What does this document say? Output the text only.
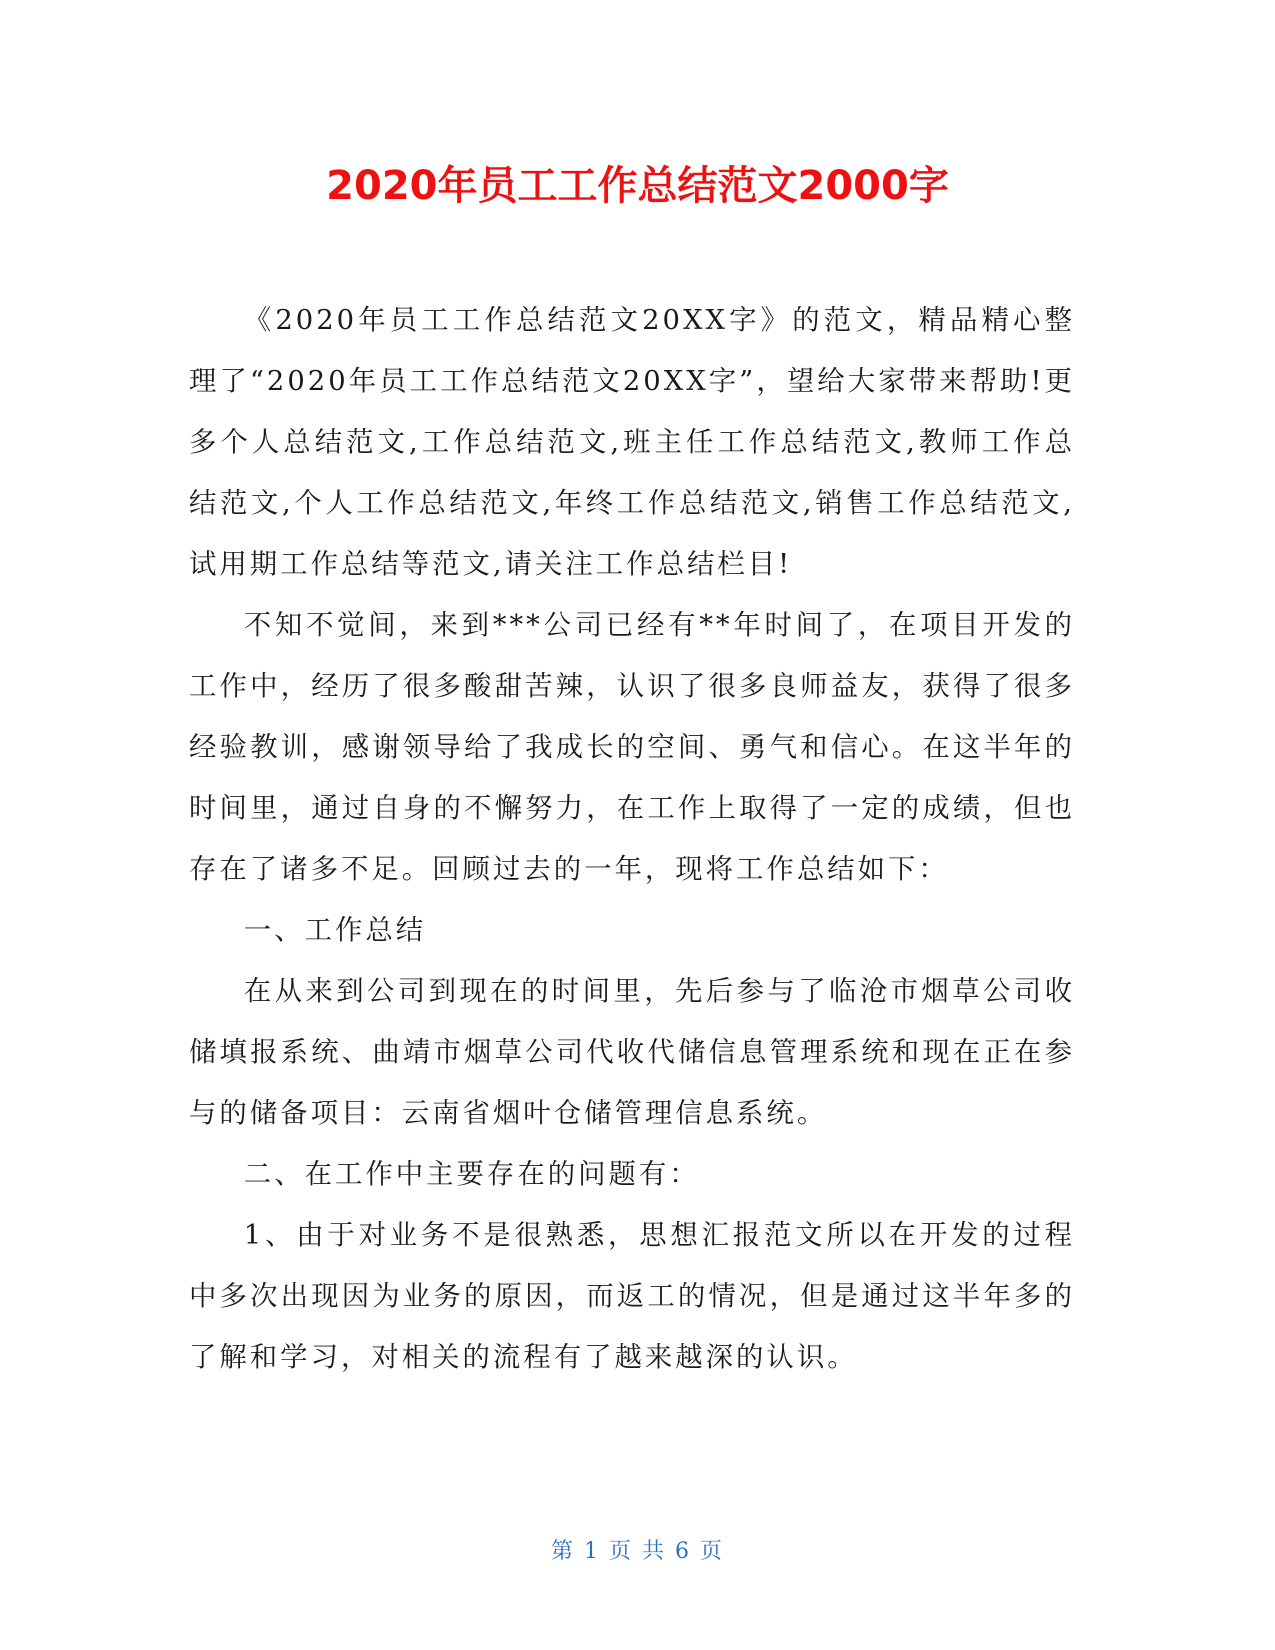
2020年员工工作总结范文2000字

《2020年员工工作总结范文20XX字》的范文，精品精心整理了“2020年员工工作总结范文20XX字”，望给大家带来帮助!更多个人总结范文,工作总结范文,班主任工作总结范文,教师工作总结范文,个人工作总结范文,年终工作总结范文,销售工作总结范文,试用期工作总结等范文,请关注工作总结栏目!

不知不觉间，来到***公司已经有**年时间了，在项目开发的工作中，经历了很多酸甜苦辣，认识了很多良师益友，获得了很多经验教训，感谢领导给了我成长的空间、勇气和信心。在这半年的时间里，通过自身的不懈努力，在工作上取得了一定的成绩，但也存在了诸多不足。回顾过去的一年，现将工作总结如下：

一、工作总结

在从来到公司到现在的时间里，先后参与了临沧市烟草公司收储填报系统、曲靖市烟草公司代收代储信息管理系统和现在正在参与的储备项目：云南省烟叶仓储管理信息系统。

二、在工作中主要存在的问题有：

1、由于对业务不是很熟悉，思想汇报范文所以在开发的过程中多次出现因为业务的原因，而返工的情况，但是通过这半年多的了解和学习，对相关的流程有了越来越深的认识。

第 1 页 共 6 页
